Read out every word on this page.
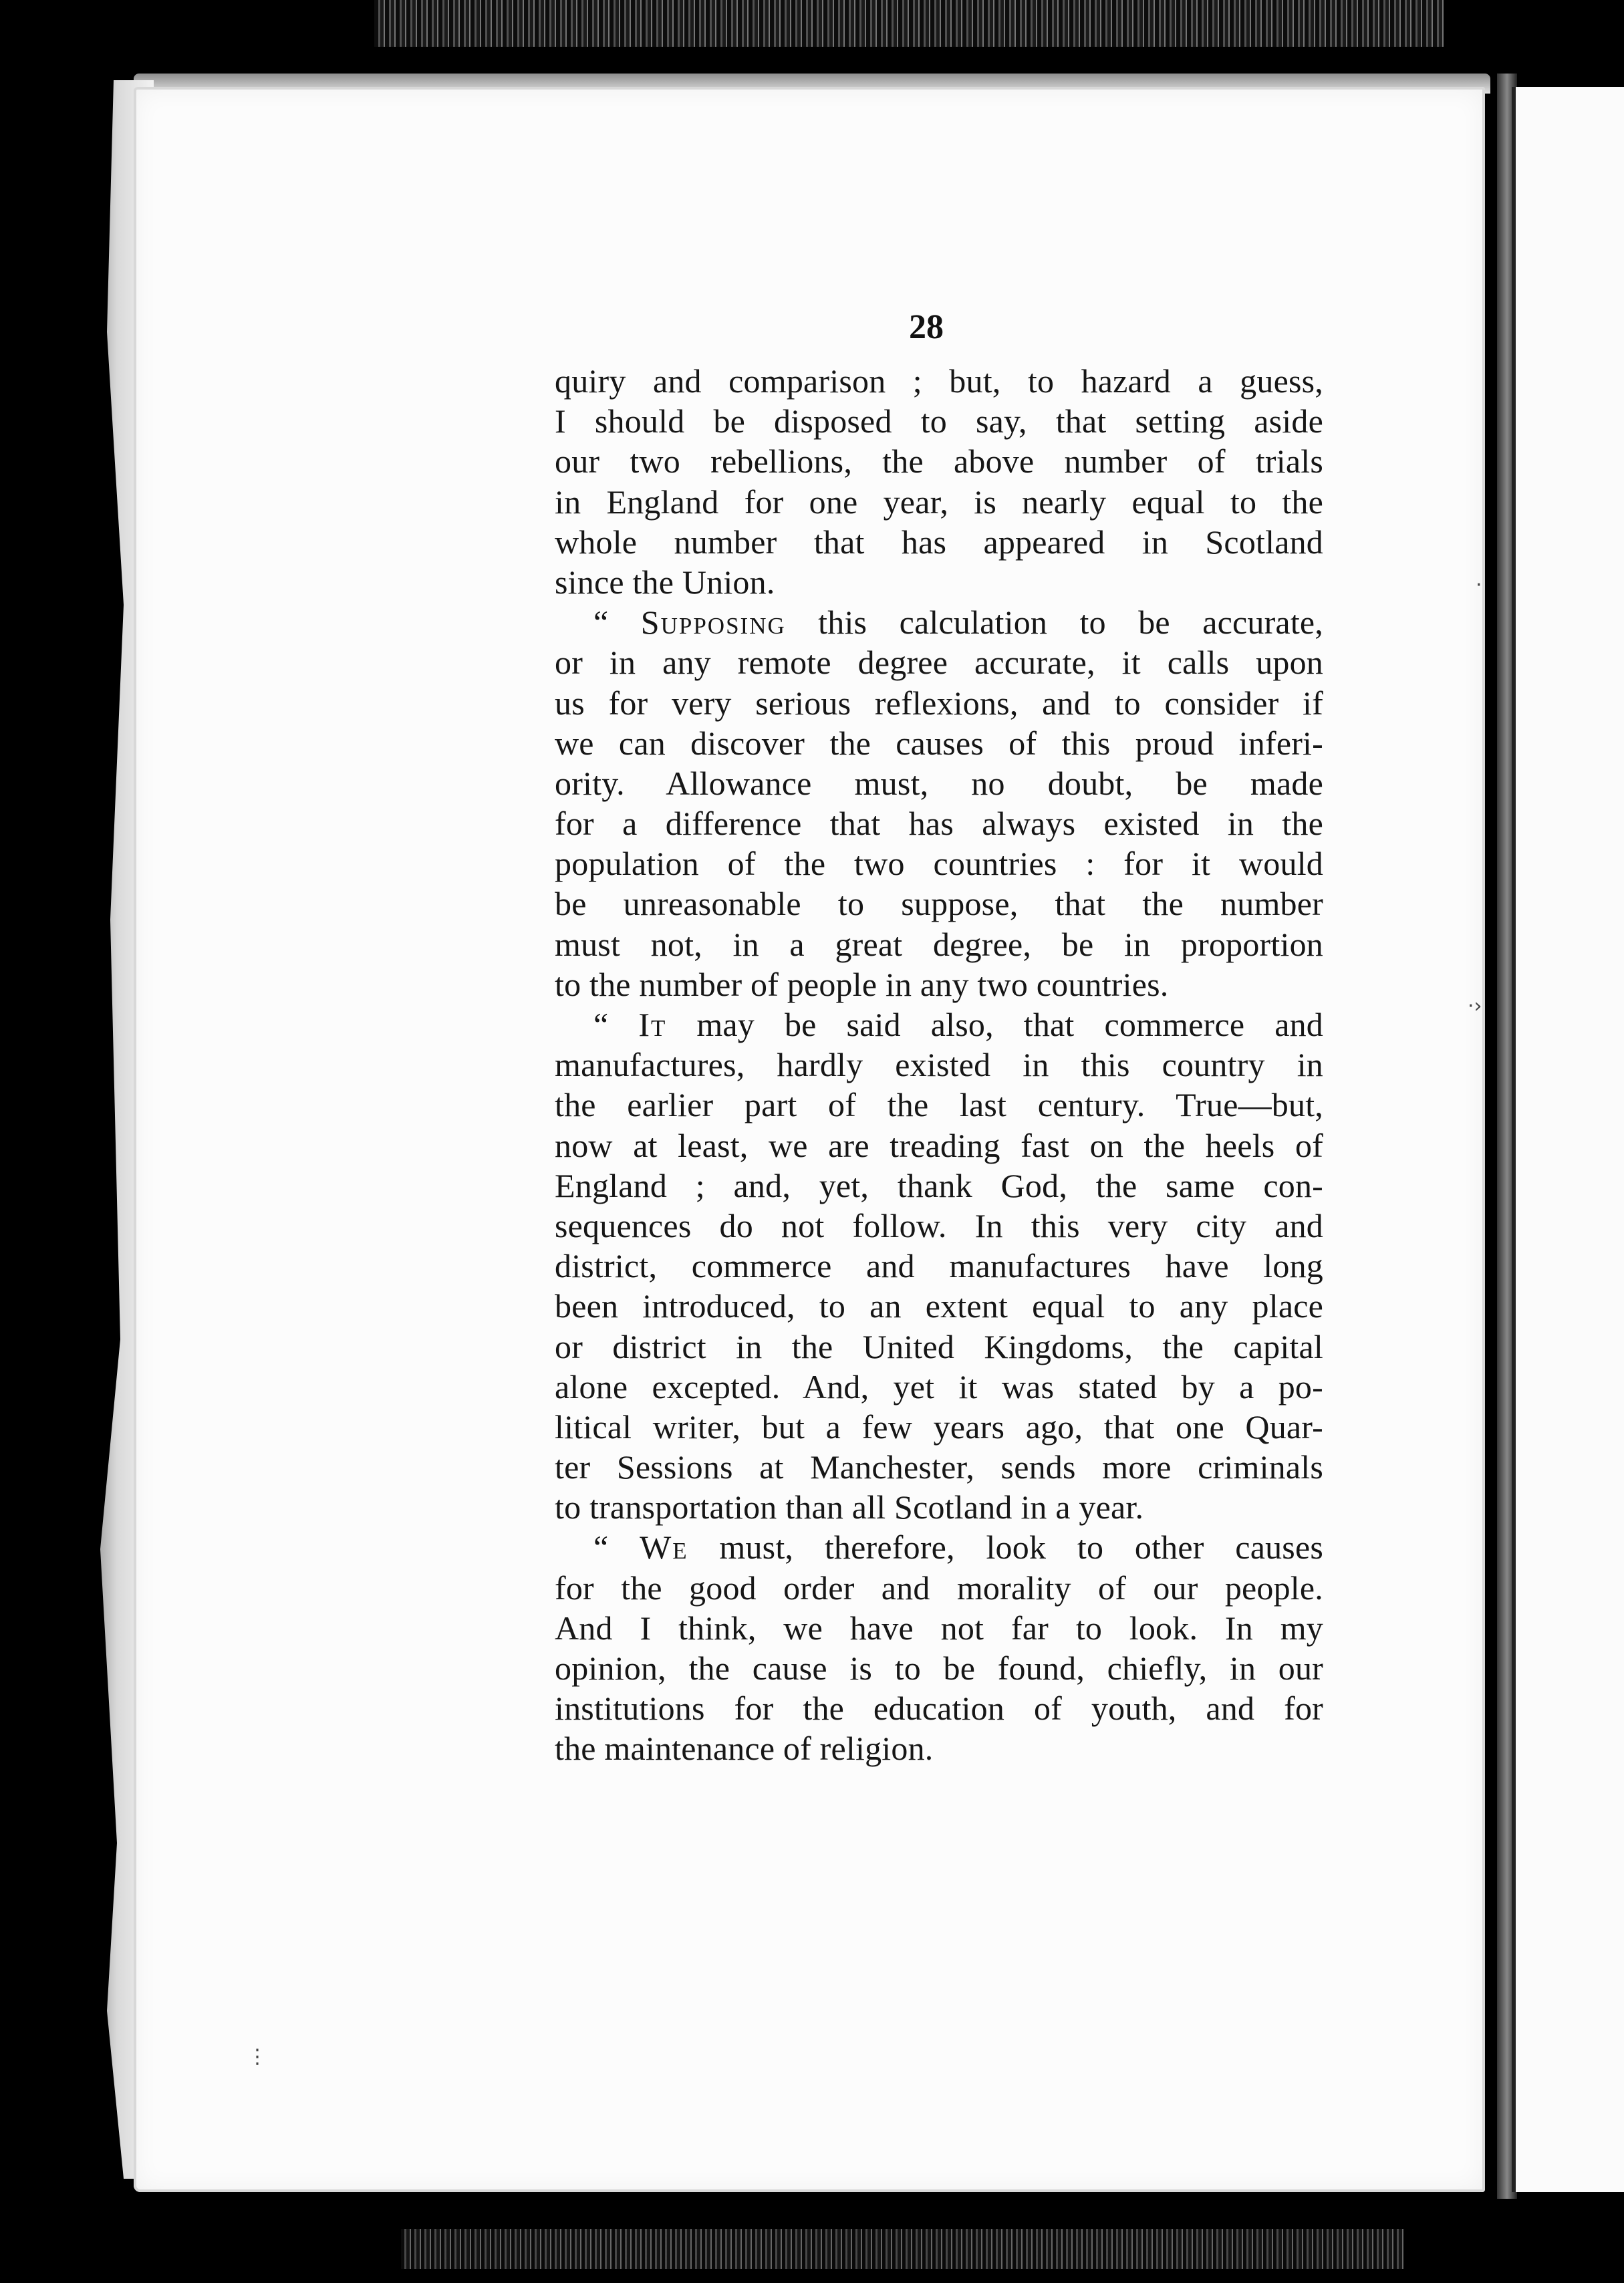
28
quiry and comparison ; but, to hazard a guess,
I should be disposed to say, that setting aside
our two rebellions, the above number of trials
in England for one year, is nearly equal to the
whole number that has appeared in Scotland
since the Union.
“ Supposing this calculation to be accurate,
or in any remote degree accurate, it calls upon
us for very serious reflexions, and to consider if
we can discover the causes of this proud inferi-
ority. Allowance must, no doubt, be made
for a difference that has always existed in the
population of the two countries : for it would
be unreasonable to suppose, that the number
must not, in a great degree, be in proportion
to the number of people in any two countries.
“ It may be said also, that commerce and
manufactures, hardly existed in this country in
the earlier part of the last century. True—but,
now at least, we are treading fast on the heels of
England ; and, yet, thank God, the same con-
sequences do not follow. In this very city and
district, commerce and manufactures have long
been introduced, to an extent equal to any place
or district in the United Kingdoms, the capital
alone excepted. And, yet it was stated by a po-
litical writer, but a few years ago, that one Quar-
ter Sessions at Manchester, sends more criminals
to transportation than all Scotland in a year.
“ We must, therefore, look to other causes
for the good order and morality of our people.
And I think, we have not far to look. In my
opinion, the cause is to be found, chiefly, in our
institutions for the education of youth, and for
the maintenance of religion.
·
·›
⋮
